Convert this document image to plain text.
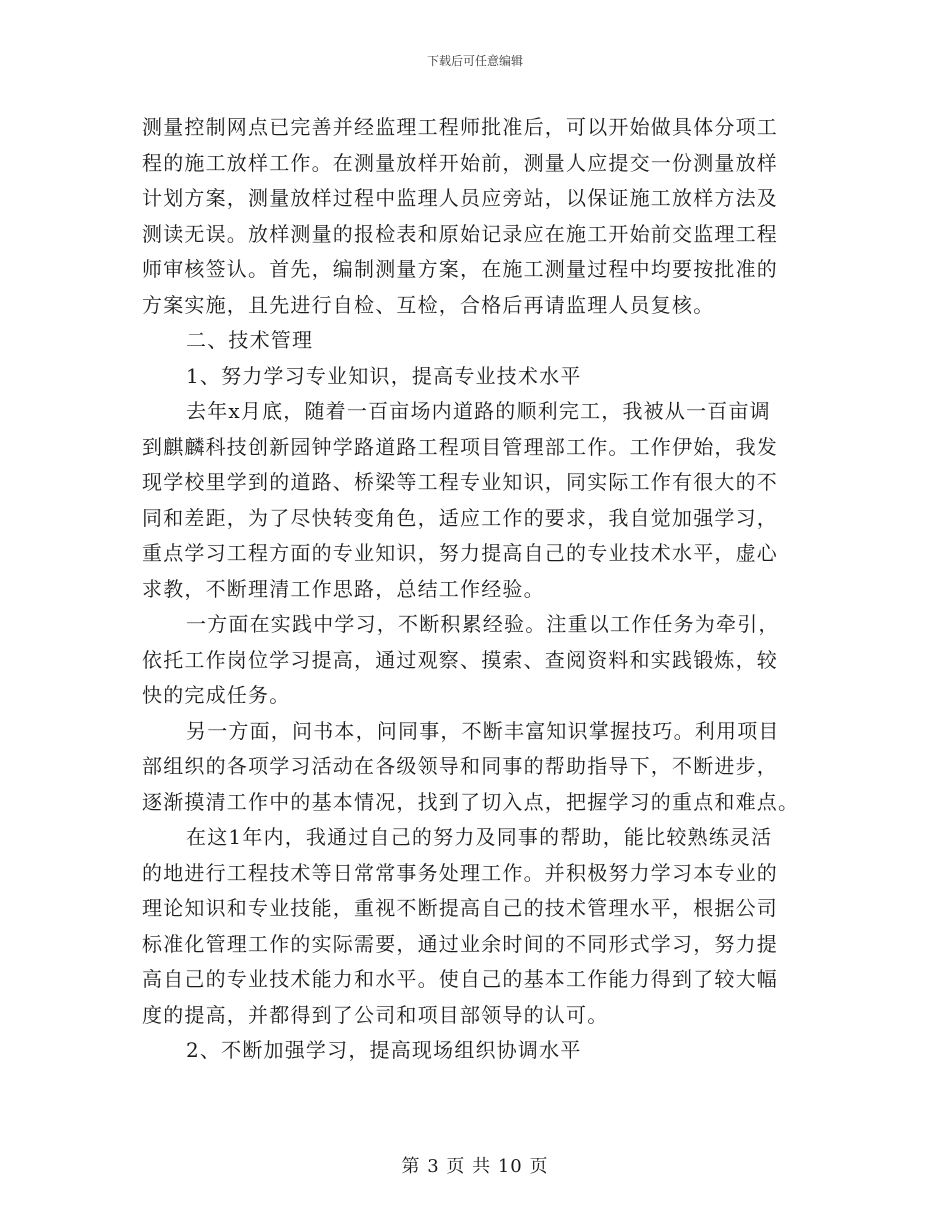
下载后可任意编辑
测量控制网点已完善并经监理工程师批准后，可以开始做具体分项工
程的施工放样工作。在测量放样开始前，测量人应提交一份测量放样
计划方案，测量放样过程中监理人员应旁站，以保证施工放样方法及
测读无误。放样测量的报检表和原始记录应在施工开始前交监理工程
师审核签认。首先，编制测量方案，在施工测量过程中均要按批准的
方案实施，且先进行自检、互检，合格后再请监理人员复核。
二、技术管理
1、努力学习专业知识，提高专业技术水平
去年x月底，随着一百亩场内道路的顺利完工，我被从一百亩调
到麒麟科技创新园钟学路道路工程项目管理部工作。工作伊始，我发
现学校里学到的道路、桥梁等工程专业知识，同实际工作有很大的不
同和差距，为了尽快转变角色，适应工作的要求，我自觉加强学习，
重点学习工程方面的专业知识，努力提高自己的专业技术水平，虚心
求教，不断理清工作思路，总结工作经验。
一方面在实践中学习，不断积累经验。注重以工作任务为牵引，
依托工作岗位学习提高，通过观察、摸索、查阅资料和实践锻炼，较
快的完成任务。
另一方面，问书本，问同事，不断丰富知识掌握技巧。利用项目
部组织的各项学习活动在各级领导和同事的帮助指导下，不断进步，
逐渐摸清工作中的基本情况，找到了切入点，把握学习的重点和难点。
在这1年内，我通过自己的努力及同事的帮助，能比较熟练灵活
的地进行工程技术等日常常事务处理工作。并积极努力学习本专业的
理论知识和专业技能，重视不断提高自己的技术管理水平，根据公司
标准化管理工作的实际需要，通过业余时间的不同形式学习，努力提
高自己的专业技术能力和水平。使自己的基本工作能力得到了较大幅
度的提高，并都得到了公司和项目部领导的认可。
2、不断加强学习，提高现场组织协调水平
第 3 页 共 10 页
